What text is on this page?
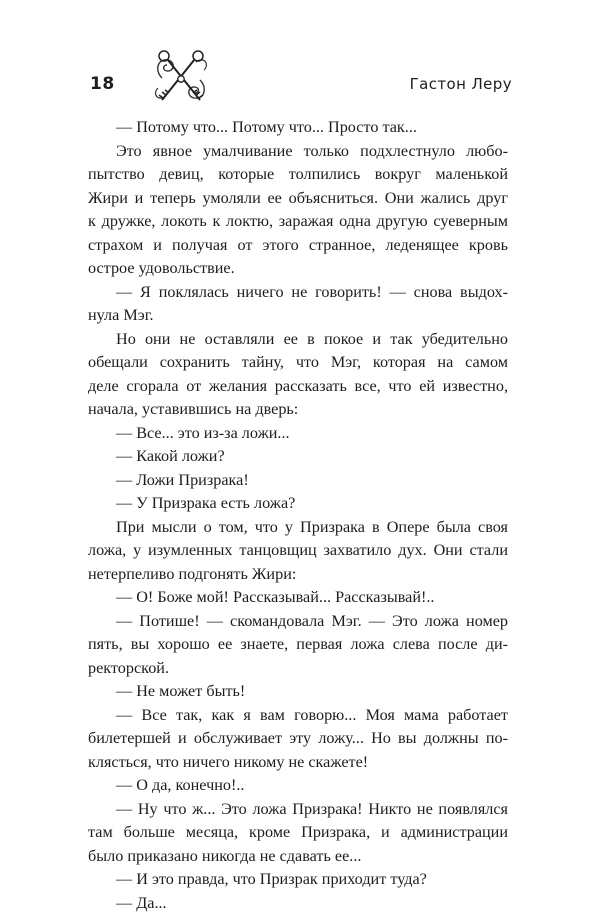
18	Гастон Леру
— Потому что... Потому что... Просто так...
Это явное умалчивание только подхлестнуло любо-
пытство девиц, которые толпились вокруг маленькой
Жири и теперь умоляли ее объясниться. Они жались друг
к дружке, локоть к локтю, заражая одна другую суеверным
страхом и получая от этого странное, леденящее кровь
острое удовольствие.
— Я поклялась ничего не говорить! — снова выдох-
нула Мэг.
Но они не оставляли ее в покое и так убедительно
обещали сохранить тайну, что Мэг, которая на самом
деле сгорала от желания рассказать все, что ей известно,
начала, уставившись на дверь:
— Все... это из-за ложи...
— Какой ложи?
— Ложи Призрака!
— У Призрака есть ложа?
При мысли о том, что у Призрака в Опере была своя
ложа, у изумленных танцовщиц захватило дух. Они стали
нетерпеливо подгонять Жири:
— О! Боже мой! Рассказывай... Рассказывай!..
— Потише! — скомандовала Мэг. — Это ложа номер
пять, вы хорошо ее знаете, первая ложа слева после ди-
ректорской.
— Не может быть!
— Все так, как я вам говорю... Моя мама работает
билетершей и обслуживает эту ложу... Но вы должны по-
клясться, что ничего никому не скажете!
— О да, конечно!..
— Ну что ж... Это ложа Призрака! Никто не появлялся
там больше месяца, кроме Призрака, и администрации
было приказано никогда не сдавать ее...
— И это правда, что Призрак приходит туда?
— Да...
